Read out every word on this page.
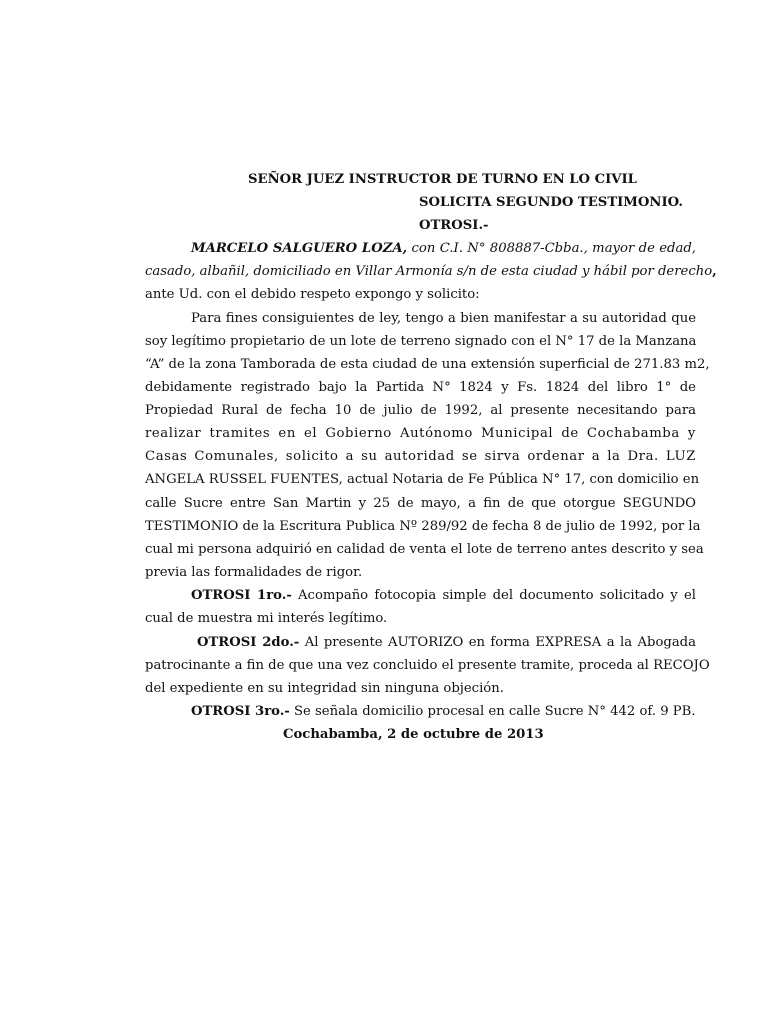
SEÑOR JUEZ INSTRUCTOR DE TURNO EN LO CIVIL
SOLICITA SEGUNDO TESTIMONIO.
OTROSI.-
MARCELO SALGUERO LOZA, con C.I. N° 808887-Cbba., mayor de edad,
casado, albañil, domiciliado en Villar Armonía s/n de esta ciudad y hábil por derecho,
ante Ud. con el debido respeto expongo y solicito:
Para fines consiguientes de ley, tengo a bien manifestar a su autoridad que
soy legítimo propietario de un lote de terreno signado con el N° 17 de la Manzana
“A” de la zona Tamborada de esta ciudad de una extensión superficial de 271.83 m2,
debidamente registrado bajo la Partida N° 1824 y Fs. 1824 del libro 1° de
Propiedad Rural de fecha 10 de julio de 1992, al presente necesitando para
realizar tramites en el Gobierno Autónomo Municipal de Cochabamba y
Casas Comunales, solicito a su autoridad se sirva ordenar a la Dra. LUZ
ANGELA RUSSEL FUENTES, actual Notaria de Fe Pública N° 17, con domicilio en
calle Sucre entre San Martin y 25 de mayo, a fin de que otorgue SEGUNDO
TESTIMONIO de la Escritura Publica Nº 289/92 de fecha 8 de julio de 1992, por la
cual mi persona adquirió en calidad de venta el lote de terreno antes descrito y sea
previa las formalidades de rigor.
OTROSI 1ro.- Acompaño fotocopia simple del documento solicitado y el
cual de muestra mi interés legítimo.
OTROSI 2do.- Al presente AUTORIZO en forma EXPRESA a la Abogada
patrocinante a fin de que una vez concluido el presente tramite, proceda al RECOJO
del expediente en su integridad sin ninguna objeción.
OTROSI 3ro.- Se señala domicilio procesal en calle Sucre N° 442 of. 9 PB.
Cochabamba, 2 de octubre de 2013
